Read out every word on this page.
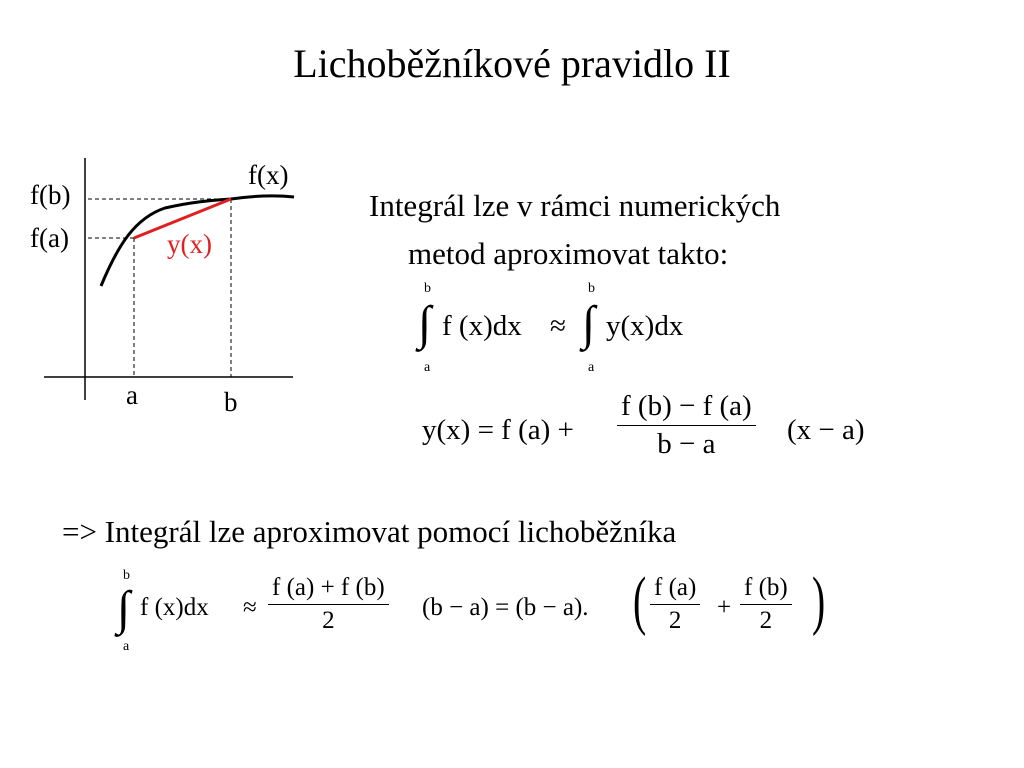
Lichoběžníkové pravidlo II
f(x)
f(b)
f(a)	y(x)
a	b
Integrál lze v rámci numerických
metod aproximovat takto:
b
∫
a
f (x)dx ≈
b
∫
a
y(x)dx
y(x) = f $(a) + \frac{f (b) - f (a)}{b - a} (x - a)$
=> Integrál lze aproximovat pomocí lichoběžníka
b
∫
a
f $(x)dx \approx \frac{f (a) + f (b)}{2} (b - a) = (b - a)$. ( $\frac{f (a)}{2} + \frac{f (b)}{2}$ )
